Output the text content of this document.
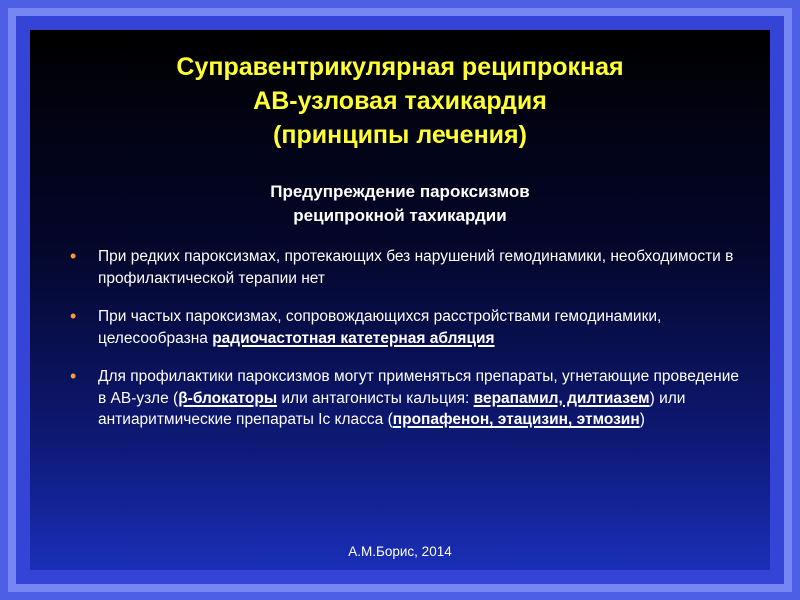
Суправентрикулярная реципрокная
АВ-узловая тахикардия
(принципы лечения)
Предупреждение пароксизмов
реципрокной тахикардии
• При редких пароксизмах, протекающих без нарушений гемодинамики, необходимости в профилактической терапии нет
• При частых пароксизмах, сопровождающихся расстройствами гемодинамики, целесообразна радиочастотная катетерная абляция
• Для профилактики пароксизмов могут применяться препараты, угнетающие проведение в АВ-узле (β-блокаторы или антагонисты кальция: верапамил, дилтиазем) или антиаритмические препараты Ic класса (пропафенон, этацизин, этмозин)
А.М.Борис, 2014
